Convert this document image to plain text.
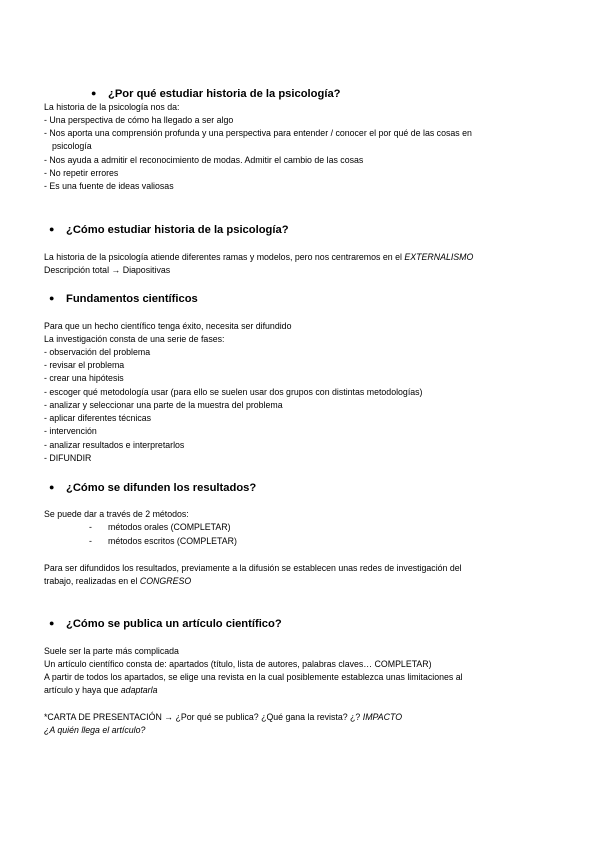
● ¿Por qué estudiar historia de la psicología?
La historia de la psicología nos da:
- Una perspectiva de cómo ha llegado a ser algo
- Nos aporta una comprensión profunda y una perspectiva para entender / conocer el por qué de las cosas en
psicología
- Nos ayuda a admitir el reconocimiento de modas. Admitir el cambio de las cosas
- No repetir errores
- Es una fuente de ideas valiosas
● ¿Cómo estudiar historia de la psicología?
La historia de la psicología atiende diferentes ramas y modelos, pero nos centraremos en el EXTERNALISMO
Descripción total → Diapositivas
● Fundamentos científicos
Para que un hecho científico tenga éxito, necesita ser difundido
La investigación consta de una serie de fases:
- observación del problema
- revisar el problema
- crear una hipótesis
- escoger qué metodología usar (para ello se suelen usar dos grupos con distintas metodologías)
- analizar y seleccionar una parte de la muestra del problema
- aplicar diferentes técnicas
- intervención
- analizar resultados e interpretarlos
- DIFUNDIR
● ¿Cómo se difunden los resultados?
Se puede dar a través de 2 métodos:
- métodos orales (COMPLETAR)
- métodos escritos (COMPLETAR)
Para ser difundidos los resultados, previamente a la difusión se establecen unas redes de investigación del
trabajo, realizadas en el CONGRESO
● ¿Cómo se publica un artículo científico?
Suele ser la parte más complicada
Un artículo científico consta de: apartados (título, lista de autores, palabras claves… COMPLETAR)
A partir de todos los apartados, se elige una revista en la cual posiblemente establezca unas limitaciones al
artículo y haya que adaptarla
*CARTA DE PRESENTACIÓN → ¿Por qué se publica? ¿Qué gana la revista? ¿? IMPACTO
¿A quién llega el artículo?
